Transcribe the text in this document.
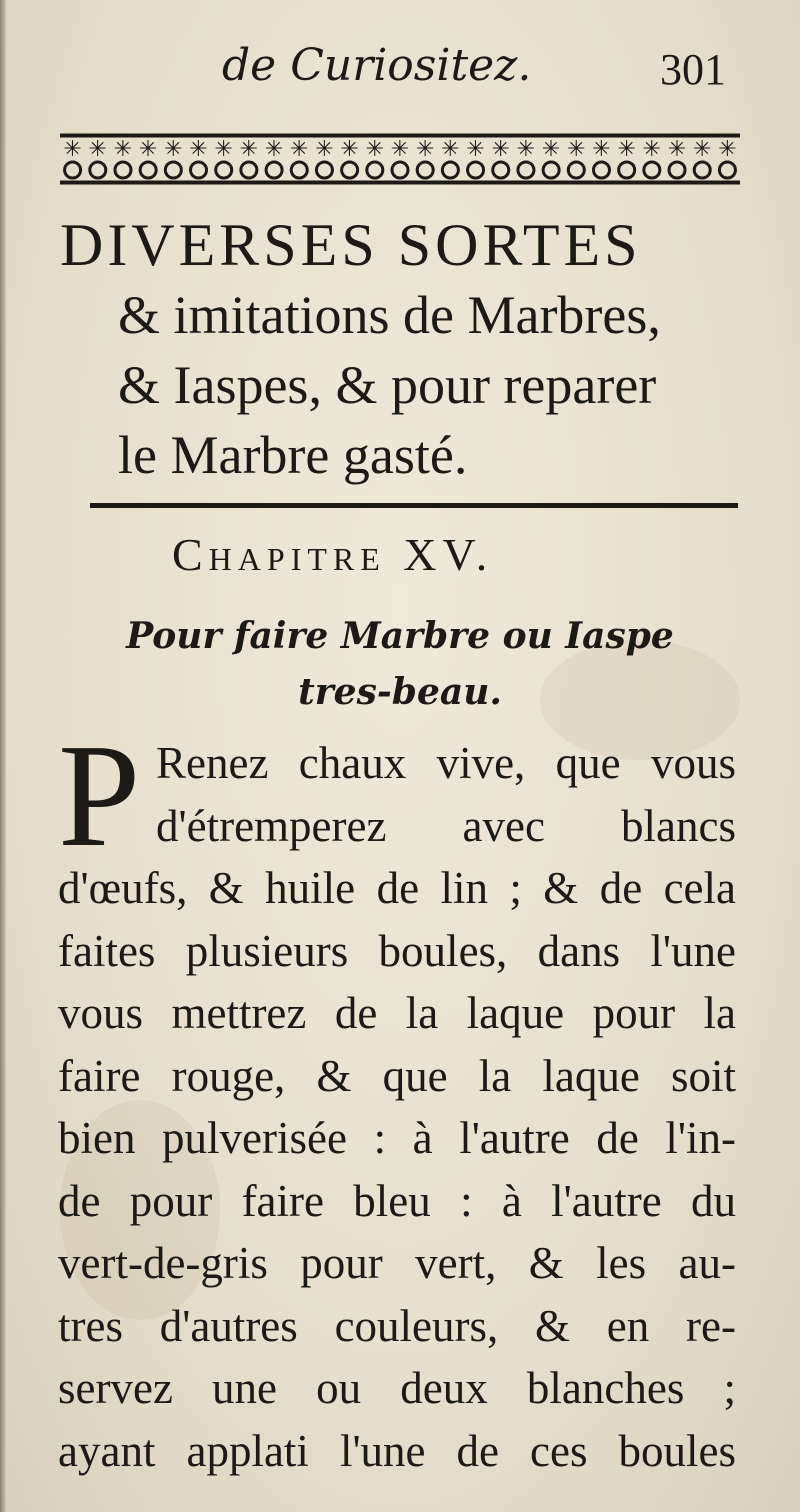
de Curiositez.	301
✳ ✳ ✳ ✳ ✳ ✳ ✳ ✳ ✳ ✳ ✳ ✳ ✳ ✳ ✳ ✳ ✳ ✳ ✳ ✳ ✳ ✳ ✳ ✳ ✳ ✳ ✳
DIVERSES SORTES
& imitations de Marbres,
& Iaspes, & pour reparer
le Marbre gasté.
Chapitre XV.
Pour faire Marbre ou Iaspe
tres-beau.
P Renez chaux vive, que vous
d'étremperez avec blancs
d'œufs, & huile de lin ; & de cela
faites plusieurs boules, dans l'une
vous mettrez de la laque pour la
faire rouge, & que la laque soit
bien pulverisée : à l'autre de l'in-
de pour faire bleu : à l'autre du
vert-de-gris pour vert, & les au-
tres d'autres couleurs, & en re-
servez une ou deux blanches ;
ayant applati l'une de ces boules
